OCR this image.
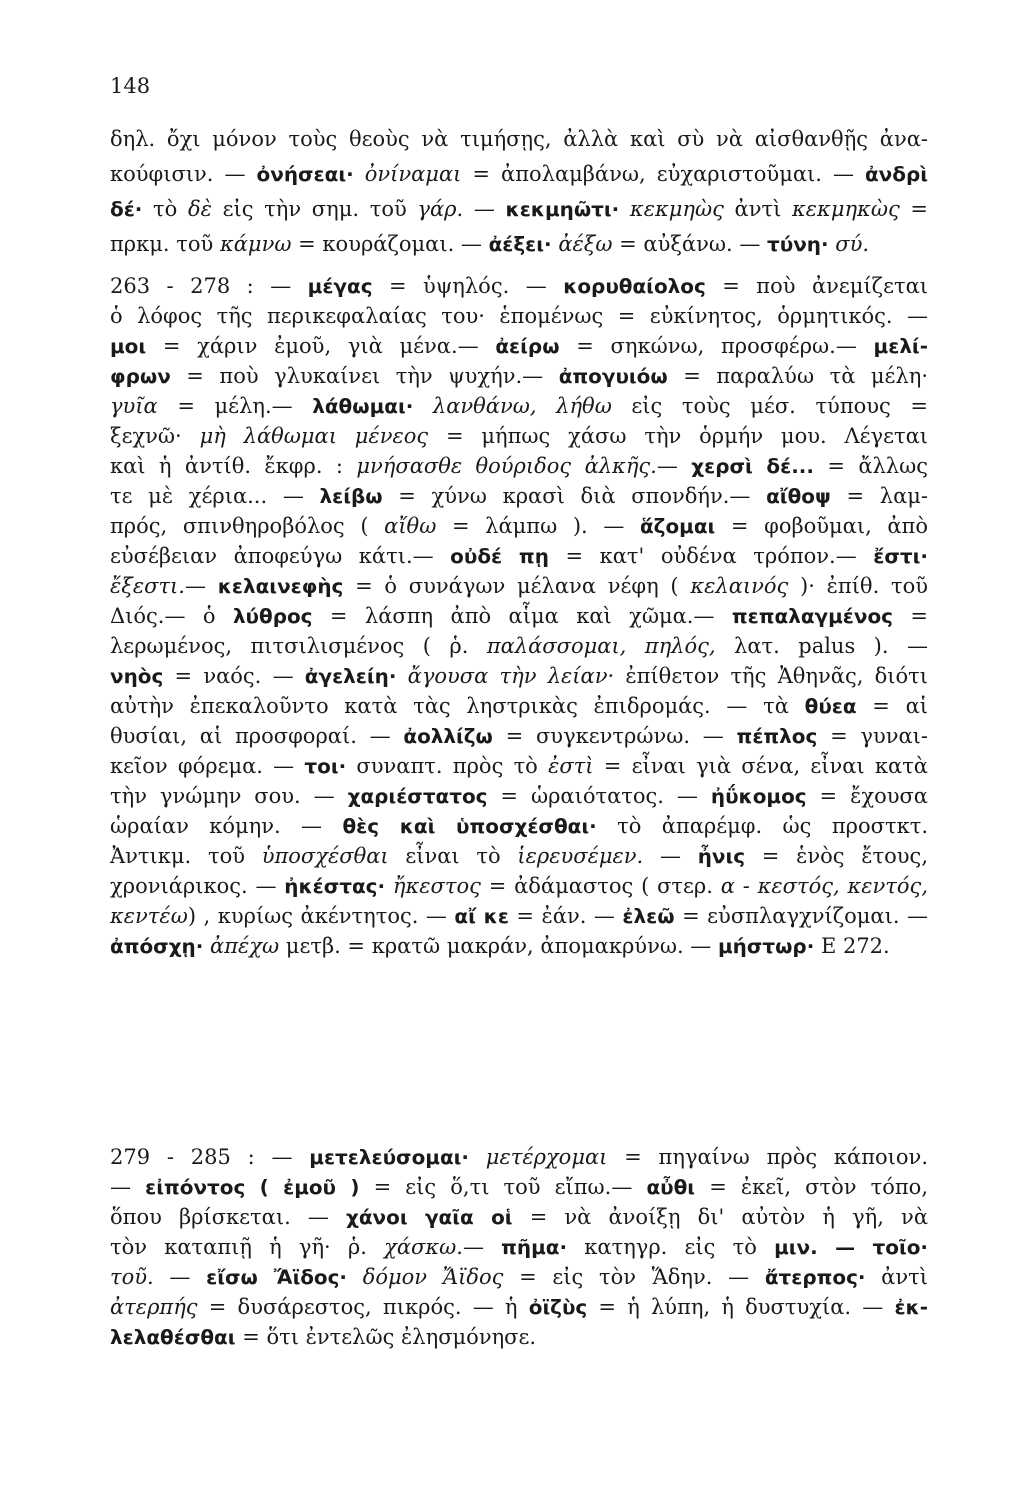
148
δηλ. ὄχι μόνον τοὺς θεοὺς νὰ τιμήσῃς, ἀλλὰ καὶ σὺ νὰ αἰσθανθῇς ἀνα-
κούφισιν. — ὀνήσεαι· ὀνίναμαι = ἀπολαμβάνω, εὐχαριστοῦμαι. — ἀνδρὶ
δέ· τὸ δὲ εἰς τὴν σημ. τοῦ γάρ. — κεκμηῶτι· κεκμηὼς ἀντὶ κεκμηκὼς =
πρκμ. τοῦ κάμνω = κουράζομαι. — ἀέξει· ἀέξω = αὐξάνω. — τύνη· σύ.
263 - 278 : — μέγας = ὑψηλός. — κορυθαίολος = ποὺ ἀνεμίζεται
ὁ λόφος τῆς περικεφαλαίας του· ἑπομένως = εὐκίνητος, ὁρμητικός. —
μοι = χάριν ἐμοῦ, γιὰ μένα.— ἀείρω = σηκώνω, προσφέρω.— μελί-
φρων = ποὺ γλυκαίνει τὴν ψυχήν.— ἀπογυιόω = παραλύω τὰ μέλη·
γυῖα = μέλη.— λάθωμαι· λανθάνω, λήθω εἰς τοὺς μέσ. τύπους =
ξεχνῶ· μὴ λάθωμαι μένεος = μήπως χάσω τὴν ὁρμήν μου. Λέγεται
καὶ ἡ ἀντίθ. ἔκφρ. : μνήσασθε θούριδος ἀλκῆς.— χερσὶ δέ... = ἄλλως
τε μὲ χέρια... — λείβω = χύνω κρασὶ διὰ σπονδήν.— αἴθοψ = λαμ-
πρός, σπινθηροβόλος ( αἴθω = λάμπω ). — ἅζομαι = φοβοῦμαι, ἀπὸ
εὐσέβειαν ἀποφεύγω κάτι.— οὐδέ πῃ = κατ' οὐδένα τρόπον.— ἔστι·
ἔξεστι.— κελαινεφὴς = ὁ συνάγων μέλανα νέφη ( κελαινός )· ἐπίθ. τοῦ
Διός.— ὁ λύθρος = λάσπη ἀπὸ αἷμα καὶ χῶμα.— πεπαλαγμένος =
λερωμένος, πιτσιλισμένος ( ῥ. παλάσσομαι, πηλός, λατ. palus ). —
νηὸς = ναός. — ἀγελείη· ἄγουσα τὴν λείαν· ἐπίθετον τῆς Ἀθηνᾶς, διότι
αὐτὴν ἐπεκαλοῦντο κατὰ τὰς ληστρικὰς ἐπιδρομάς. — τὰ θύεα = αἱ
θυσίαι, αἱ προσφοραί. — ἀολλίζω = συγκεντρώνω. — πέπλος = γυναι-
κεῖον φόρεμα. — τοι· συναπτ. πρὸς τὸ ἐστὶ = εἶναι γιὰ σένα, εἶναι κατὰ
τὴν γνώμην σου. — χαριέστατος = ὡραιότατος. — ἠΰκομος = ἔχουσα
ὡραίαν κόμην. — θὲς καὶ ὑποσχέσθαι· τὸ ἀπαρέμφ. ὡς προστκτ.
Ἀντικμ. τοῦ ὑποσχέσθαι εἶναι τὸ ἱερευσέμεν. — ἦνις = ἑνὸς ἔτους,
χρονιάρικος. — ἠκέστας· ἤκεστος = ἀδάμαστος ( στερ. α - κεστός, κεντός,
κεντέω) , κυρίως ἀκέντητος. — αἴ κε = ἐάν. — ἐλεῶ = εὐσπλαγχνίζομαι. —
ἀπόσχῃ· ἀπέχω μετβ. = κρατῶ μακράν, ἀπομακρύνω. — μήστωρ· Ε 272.
279 - 285 : — μετελεύσομαι· μετέρχομαι = πηγαίνω πρὸς κάποιον.
— εἰπόντος ( ἐμοῦ ) = εἰς ὅ,τι τοῦ εἴπω.— αὖθι = ἐκεῖ, στὸν τόπο,
ὅπου βρίσκεται. — χάνοι γαῖα οἱ = νὰ ἀνοίξῃ δι' αὐτὸν ἡ γῆ, νὰ
τὸν καταπιῇ ἡ γῆ· ῥ. χάσκω.— πῆμα· κατηγρ. εἰς τὸ μιν. — τοῖο·
τοῦ. — εἴσω Ἄϊδος· δόμον Ἄϊδος = εἰς τὸν Ἅδην. — ἄτερπος· ἀντὶ
ἀτερπής = δυσάρεστος, πικρός. — ἡ ὀϊζὺς = ἡ λύπη, ἡ δυστυχία. — ἐκ-
λελαθέσθαι = ὅτι ἐντελῶς ἐλησμόνησε.
